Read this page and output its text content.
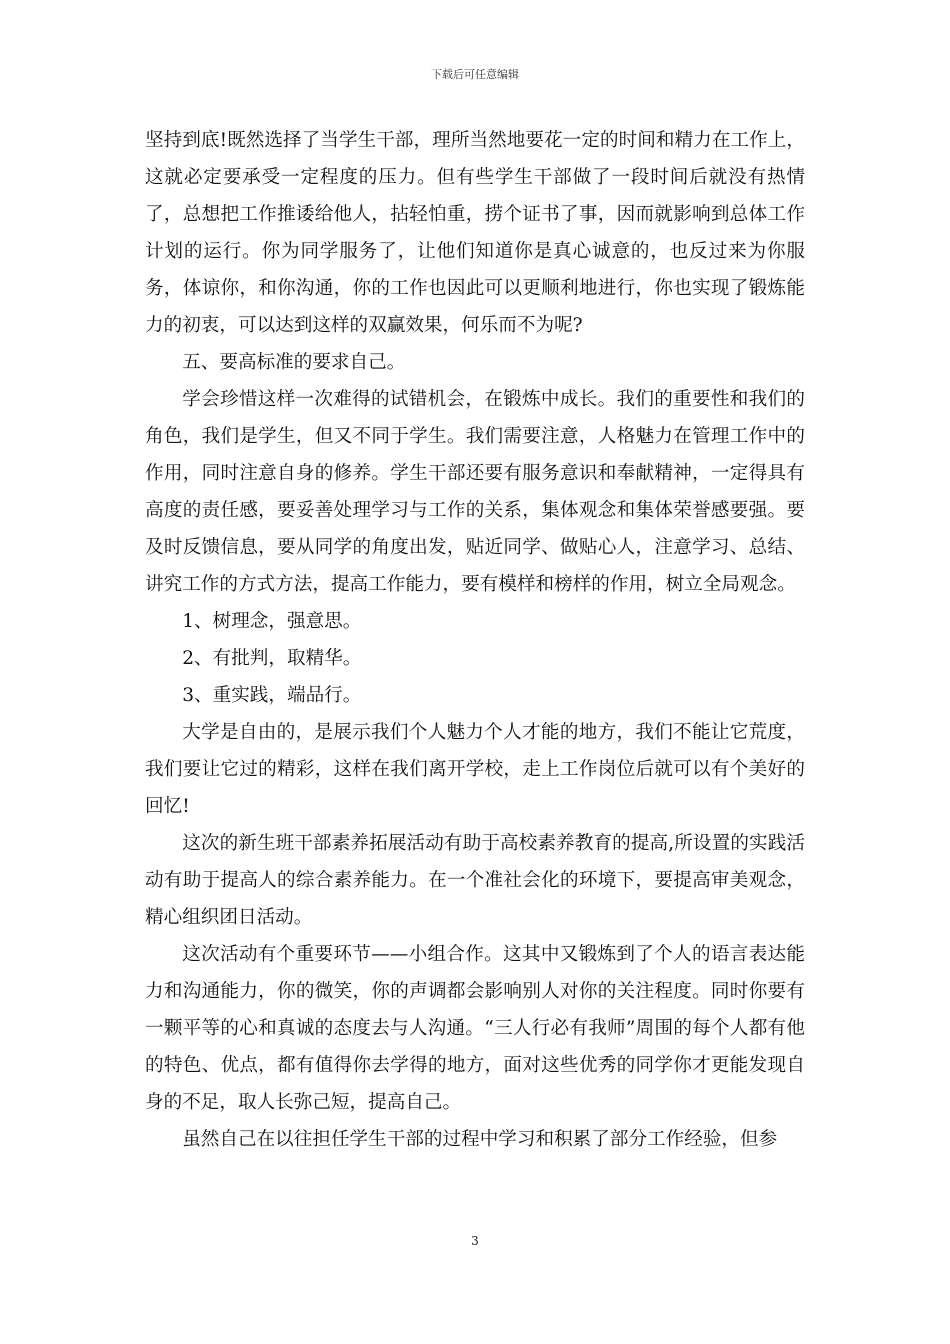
下载后可任意编辑

坚持到底!既然选择了当学生干部，理所当然地要花一定的时间和精力在工作上，这就必定要承受一定程度的压力。但有些学生干部做了一段时间后就没有热情了，总想把工作推诿给他人，拈轻怕重，捞个证书了事，因而就影响到总体工作计划的运行。你为同学服务了，让他们知道你是真心诚意的，也反过来为你服务，体谅你，和你沟通，你的工作也因此可以更顺利地进行，你也实现了锻炼能力的初衷，可以达到这样的双赢效果，何乐而不为呢?

五、要高标准的要求自己。

学会珍惜这样一次难得的试错机会，在锻炼中成长。我们的重要性和我们的角色，我们是学生，但又不同于学生。我们需要注意，人格魅力在管理工作中的作用，同时注意自身的修养。学生干部还要有服务意识和奉献精神，一定得具有高度的责任感，要妥善处理学习与工作的关系，集体观念和集体荣誉感要强。要及时反馈信息，要从同学的角度出发，贴近同学、做贴心人，注意学习、总结、讲究工作的方式方法，提高工作能力，要有模样和榜样的作用，树立全局观念。

1、树理念，强意思。

2、有批判，取精华。

3、重实践，端品行。

大学是自由的，是展示我们个人魅力个人才能的地方，我们不能让它荒度，我们要让它过的精彩，这样在我们离开学校，走上工作岗位后就可以有个美好的回忆!

这次的新生班干部素养拓展活动有助于高校素养教育的提高,所设置的实践活动有助于提高人的综合素养能力。在一个准社会化的环境下，要提高审美观念，精心组织团日活动。

这次活动有个重要环节——小组合作。这其中又锻炼到了个人的语言表达能力和沟通能力，你的微笑，你的声调都会影响别人对你的关注程度。同时你要有一颗平等的心和真诚的态度去与人沟通。“三人行必有我师”周围的每个人都有他的特色、优点，都有值得你去学得的地方，面对这些优秀的同学你才更能发现自身的不足，取人长弥己短，提高自己。

虽然自己在以往担任学生干部的过程中学习和积累了部分工作经验，但参

3
